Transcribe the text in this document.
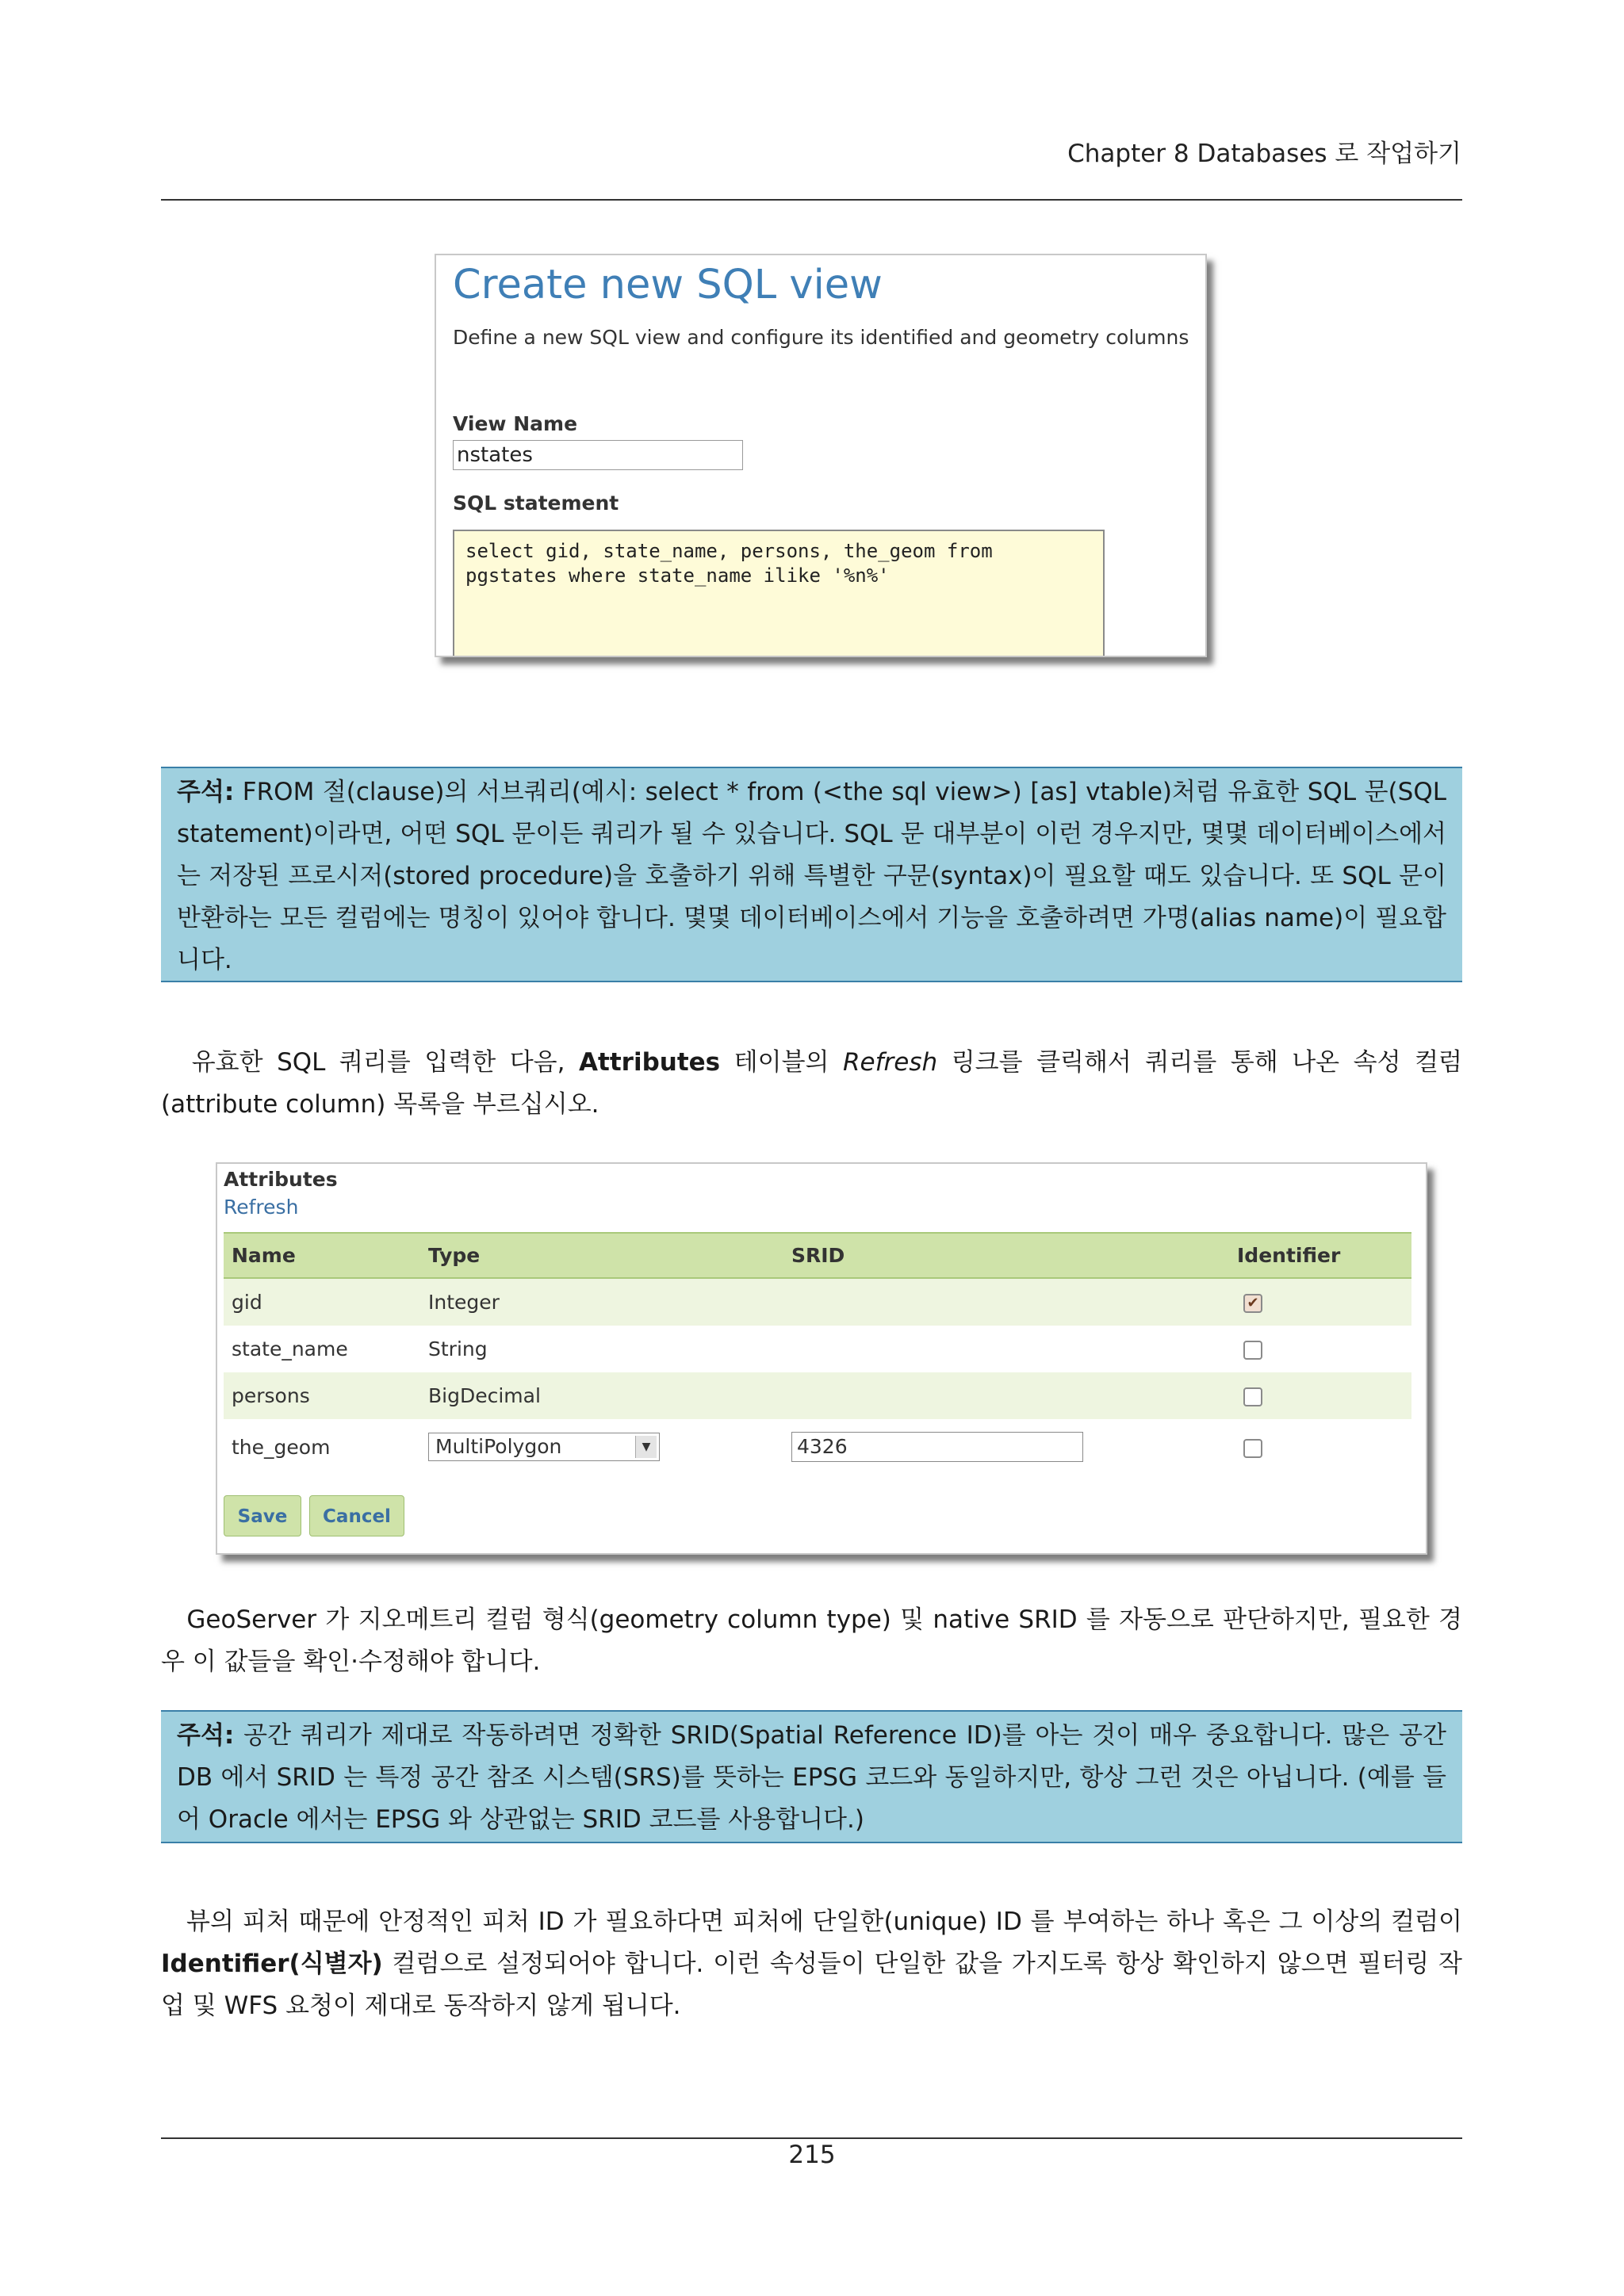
Chapter 8 Databases 로 작업하기
Create new SQL view
Define a new SQL view and configure its identified and geometry columns
View Name
nstates
SQL statement
select gid, state_name, persons, the_geom from
pgstates where state_name ilike '%n%'
주석: FROM 절(clause)의 서브쿼리(예시: select * from (<the sql view>) [as] vtable)처럼 유효한 SQL 문(SQL statement)이라면, 어떤 SQL 문이든 쿼리가 될 수 있습니다. SQL 문 대부분이 이런 경우지만, 몇몇 데이터베이스에서는 저장된 프로시저(stored procedure)을 호출하기 위해 특별한 구문(syntax)이 필요할 때도 있습니다. 또 SQL 문이 반환하는 모든 컬럼에는 명칭이 있어야 합니다. 몇몇 데이터베이스에서 기능을 호출하려면 가명(alias name)이 필요합니다.
　유효한 SQL 쿼리를 입력한 다음, Attributes 테이블의 Refresh 링크를 클릭해서 쿼리를 통해 나온 속성 컬럼(attribute column) 목록을 부르십시오.
Attributes
Refresh
Name	Type	SRID	Identifier
gid	Integer		✔
state_name	String		
persons	BigDecimal		
the_geom	MultiPolygon ▼	4326	
Save	Cancel
　GeoServer 가 지오메트리 컬럼 형식(geometry column type) 및 native SRID 를 자동으로 판단하지만, 필요한 경우 이 값들을 확인·수정해야 합니다.
주석: 공간 쿼리가 제대로 작동하려면 정확한 SRID(Spatial Reference ID)를 아는 것이 매우 중요합니다. 많은 공간 DB 에서 SRID 는 특정 공간 참조 시스템(SRS)를 뜻하는 EPSG 코드와 동일하지만, 항상 그런 것은 아닙니다. (예를 들어 Oracle 에서는 EPSG 와 상관없는 SRID 코드를 사용합니다.)
　뷰의 피처 때문에 안정적인 피처 ID 가 필요하다면 피처에 단일한(unique) ID 를 부여하는 하나 혹은 그 이상의 컬럼이 Identifier(식별자) 컬럼으로 설정되어야 합니다. 이런 속성들이 단일한 값을 가지도록 항상 확인하지 않으면 필터링 작업 및 WFS 요청이 제대로 동작하지 않게 됩니다.
215
